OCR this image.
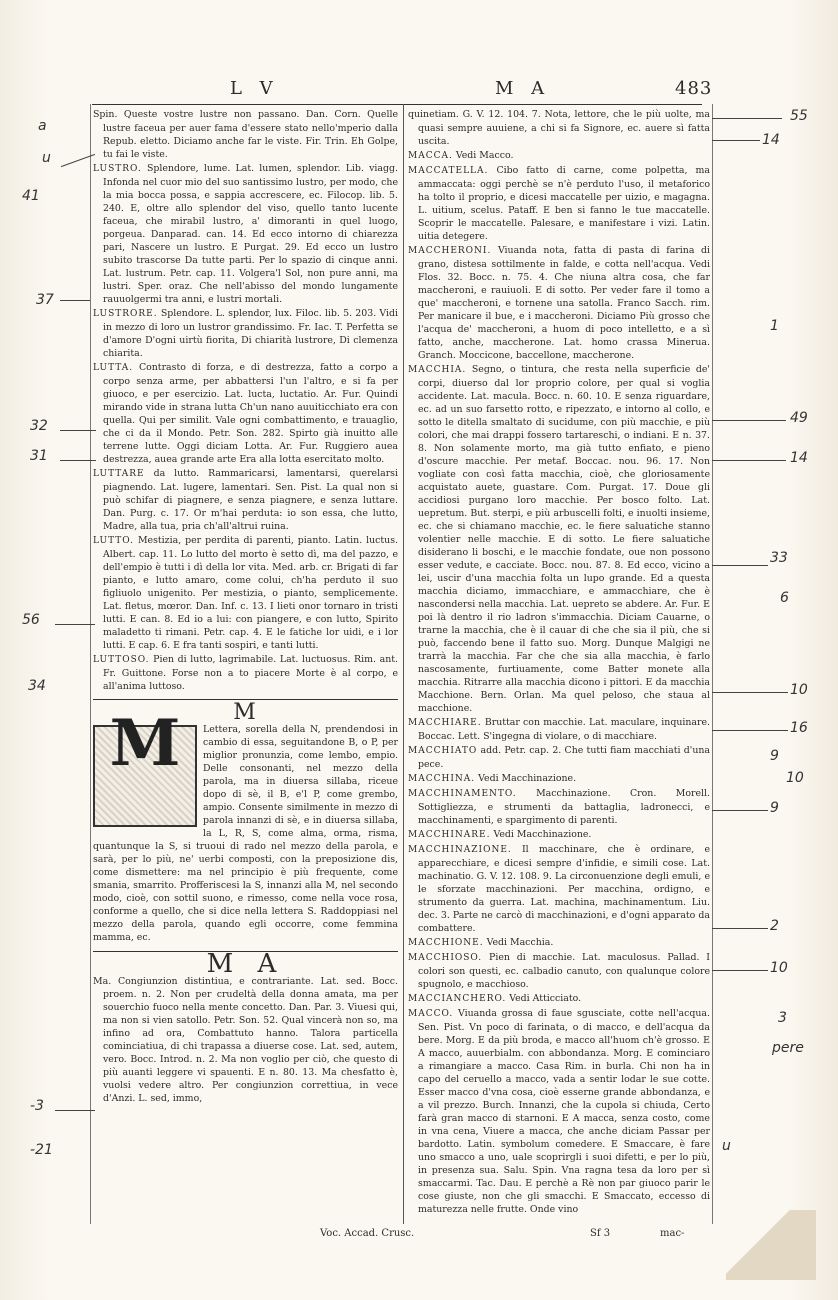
L V	M A	483

Spin. Queste vostre lustre non passano. Dan. Corn. Quelle lustre faceua per auer fama d'essere stato nello'mperio dalla Repub. eletto. Diciamo anche far le viste. Fir. Trin. Eh Golpe, tu fai le viste.

LUSTRO. Splendore, lume. Lat. lumen, splendor. Lib. viagg. Infonda nel cuor mio del suo santissimo lustro, per modo, che la mia bocca possa, e sappia accrescere, ec. Filocop. lib. 5. 240. E, oltre allo splendor del viso, quello tanto lucente faceua, che mirabil lustro, a' dimoranti in quel luogo, porgeua. Danparad. can. 14. Ed ecco intorno di chiarezza pari, Nascere un lustro. E Purgat. 29. Ed ecco un lustro subito trascorse Da tutte parti. Per lo spazio di cinque anni. Lat. lustrum. Petr. cap. 11. Volgera'l Sol, non pure anni, ma lustri. Sper. oraz. Che nell'abisso del mondo lungamente rauuolgermi tra anni, e lustri mortali.

LUSTRORE. Splendore. L. splendor, lux. Filoc. lib. 5. 203. Vidi in mezzo di loro un lustror grandissimo. Fr. Iac. T. Perfetta se d'amore D'ogni uirtù fiorita, Di chiarità lustrore, Di clemenza chiarita.

LUTTA. Contrasto di forza, e di destrezza, fatto a corpo a corpo senza arme, per abbattersi l'un l'altro, e si fa per giuoco, e per esercizio. Lat. lucta, luctatio. Ar. Fur. Quindi mirando vide in strana lutta Ch'un nano auuiticchiato era con quella. Qui per similit. Vale ogni combattimento, e trauaglio, che ci da il Mondo. Petr. Son. 282. Spirto già inuitto alle terrene lutte. Oggi diciam Lotta. Ar. Fur. Ruggiero auea destrezza, auea grande arte Era alla lotta esercitato molto.

LUTTARE da lutto. Rammaricarsi, lamentarsi, querelarsi piagnendo. Lat. lugere, lamentari. Sen. Pist. La qual non si può schifar di piagnere, e senza piagnere, e senza luttare. Dan. Purg. c. 17. Or m'hai perduta: io son essa, che lutto, Madre, alla tua, pria ch'all'altrui ruina.

LUTTO. Mestizia, per perdita di parenti, pianto. Latin. luctus. Albert. cap. 11. Lo lutto del morto è setto dì, ma del pazzo, e dell'empio è tutti i dì della lor vita. Med. arb. cr. Brigati di far pianto, e lutto amaro, come colui, ch'ha perduto il suo figliuolo unigenito. Per mestizia, o pianto, semplicemente. Lat. fletus, mœror. Dan. Inf. c. 13. I lieti onor tornaro in tristi lutti. E can. 8. Ed io a lui: con piangere, e con lutto, Spirito maladetto ti rimani. Petr. cap. 4. E le fatiche lor uidi, e i lor lutti. E cap. 6. E fra tanti sospiri, e tanti lutti.

LUTTOSO. Pien di lutto, lagrimabile. Lat. luctuosus. Rim. ant. Fr. Guittone. Forse non a to piacere Morte è al corpo, e all'anima luttoso.

M
M	Lettera, sorella della N, prendendosi in cambio di essa, seguitandone B, o P, per miglior pronunzia, come lembo, empio. Delle consonanti, nel mezzo della parola, ma in diuersa sillaba, riceue dopo di sè, il B, e'l P, come grembo, ampio. Consente similmente in mezzo di parola innanzi di sè, e in diuersa sillaba, la L, R, S, come alma, orma, risma, quantunque la S, si truoui di rado nel mezzo della parola, e sarà, per lo più, ne' uerbi composti, con la preposizione dis, come dismettere: ma nel principio è più frequente, come smania, smarrito. Profferiscesi la S, innanzi alla M, nel secondo modo, cioè, con sottil suono, e rimesso, come nella voce rosa, conforme a quello, che si dice nella lettera S. Raddoppiasi nel mezzo della parola, quando egli occorre, come femmina mamma, ec.

M A

Ma. Congiunzion distintiua, e contrariante. Lat. sed. Bocc. proem. n. 2. Non per crudeltà della donna amata, ma per souerchio fuoco nella mente concetto. Dan. Par. 3. Viuesi qui, ma non si vien satollo. Petr. Son. 52. Qual vincerà non so, ma infino ad ora, Combattuto hanno. Talora particella cominciatiua, di chi trapassa a diuerse cose. Lat. sed, autem, vero. Bocc. Introd. n. 2. Ma non voglio per ciò, che questo di più auanti leggere vi spauenti. E n. 80. 13. Ma chesfatto è, vuolsi vedere altro. Per congiunzion correttiua, in vece d'Anzi. L. sed, immo,

quinetiam. G. V. 12. 104. 7. Nota, lettore, che le più uolte, ma quasi sempre auuiene, a chi si fa Signore, ec. auere sì fatta uscita.

MACCA. Vedi Macco.

MACCATELLA. Cibo fatto di carne, come polpetta, ma ammaccata: oggi perchè se n'è perduto l'uso, il metaforico ha tolto il proprio, e dicesi maccatelle per uizio, e magagna. L. uitium, scelus. Pataff. E ben si fanno le tue maccatelle. Scoprir le maccatelle. Palesare, e manifestare i vizi. Latin. uitia detegere.

MACCHERONI. Viuanda nota, fatta di pasta di farina di grano, distesa sottilmente in falde, e cotta nell'acqua. Vedi Flos. 32. Bocc. n. 75. 4. Che niuna altra cosa, che far maccheroni, e rauiuoli. E di sotto. Per veder fare il tomo a que' maccheroni, e tornene una satolla. Franco Sacch. rim. Per manicare il bue, e i maccheroni. Diciamo Più grosso che l'acqua de' maccheroni, a huom di poco intelletto, e a sì fatto, anche, maccherone. Lat. homo crassa Minerua. Granch. Moccicone, baccellone, maccherone.

MACCHIA. Segno, o tintura, che resta nella superficie de' corpi, diuerso dal lor proprio colore, per qual si voglia accidente. Lat. macula. Bocc. n. 60. 10. E senza riguardare, ec. ad un suo farsetto rotto, e ripezzato, e intorno al collo, e sotto le ditella smaltato di sucidume, con più macchie, e più colori, che mai drappi fossero tartareschi, o indiani. E n. 37. 8. Non solamente morto, ma già tutto enfiato, e pieno d'oscure macchie. Per metaf. Boccac. nou. 96. 17. Non vogliate con così fatta macchia, cioè, che gloriosamente acquistato auete, guastare. Com. Purgat. 17. Doue gli accidiosi purgano loro macchie. Per bosco folto. Lat. uepretum. But. sterpi, e più arbuscelli folti, e inuolti insieme, ec. che si chiamano macchie, ec. le fiere saluatiche stanno volentier nelle macchie. E di sotto. Le fiere saluatiche disiderano li boschi, e le macchie fondate, oue non possono esser vedute, e cacciate. Bocc. nou. 87. 8. Ed ecco, vicino a lei, uscir d'una macchia folta un lupo grande. Ed a questa macchia diciamo, immacchiare, e ammacchiare, che è nascondersi nella macchia. Lat. uepreto se abdere. Ar. Fur. E poi là dentro il rio ladron s'immacchia. Diciam Cauarne, o trarne la macchia, che è il cauar di che che sia il più, che si può, faccendo bene il fatto suo. Morg. Dunque Malgigi ne trarrà la macchia. Far che che sia alla macchia, è farlo nascosamente, furtiuamente, come Batter monete alla macchia. Ritrarre alla macchia dicono i pittori. E da macchia Macchione. Bern. Orlan. Ma quel peloso, che staua al macchione.

MACCHIARE. Bruttar con macchie. Lat. maculare, inquinare. Boccac. Lett. S'ingegna di violare, o di macchiare.

MACCHIATO add. Petr. cap. 2. Che tutti fiam macchiati d'una pece.

MACCHINA. Vedi Macchinazione.

MACCHINAMENTO. Macchinazione. Cron. Morell. Sottigliezza, e strumenti da battaglia, ladronecci, e macchinamenti, e spargimento di parenti.

MACCHINARE. Vedi Macchinazione.

MACCHINAZIONE. Il macchinare, che è ordinare, e apparecchiare, e dicesi sempre d'infidie, e simili cose. Lat. machinatio. G. V. 12. 108. 9. La circonuenzione degli emuli, e le sforzate macchinazioni. Per macchina, ordigno, e strumento da guerra. Lat. machina, machinamentum. Liu. dec. 3. Parte ne carcò di macchinazioni, e d'ogni apparato da combattere.

MACCHIONE. Vedi Macchia.

MACCHIOSO. Pien di macchie. Lat. maculosus. Pallad. I colori son questi, ec. calbadio canuto, con qualunque colore spugnolo, e macchioso.

MACCIANCHERO. Vedi Atticciato.

MACCO. Viuanda grossa di faue sgusciate, cotte nell'acqua. Sen. Pist. Vn poco di farinata, o di macco, e dell'acqua da bere. Morg. E da più broda, e macco all'huom ch'è grosso. E A macco, auuerbialm. con abbondanza. Morg. E cominciaro a rimangiare a macco. Casa Rim. in burla. Chi non ha in capo del ceruello a macco, vada a sentir lodar le sue cotte. Esser macco d'vna cosa, cioè esserne grande abbondanza, e a vil prezzo. Burch. Innanzi, che la cupola si chiuda, Certo farà gran macco di starnoni. E A macca, senza costo, come in vna cena, Viuere a macca, che anche diciam Passar per bardotto. Latin. symbolum comedere. E Smaccare, è fare uno smacco a uno, uale scoprirgli i suoi difetti, e per lo più, in presenza sua. Salu. Spin. Vna ragna tesa da loro per sì smaccarmi. Tac. Dau. E perchè a Rè non par giuoco parir le cose giuste, non che gli smacchi. E Smaccato, eccesso di maturezza nelle frutte. Onde vino

Voc. Accad. Crusc.	Sf 3	mac-
a
u
41
37
32
31
56
34
-3
-21
55
14
1
49
14
33
6
10
16
9
10
9
2
10
3
pere
u
